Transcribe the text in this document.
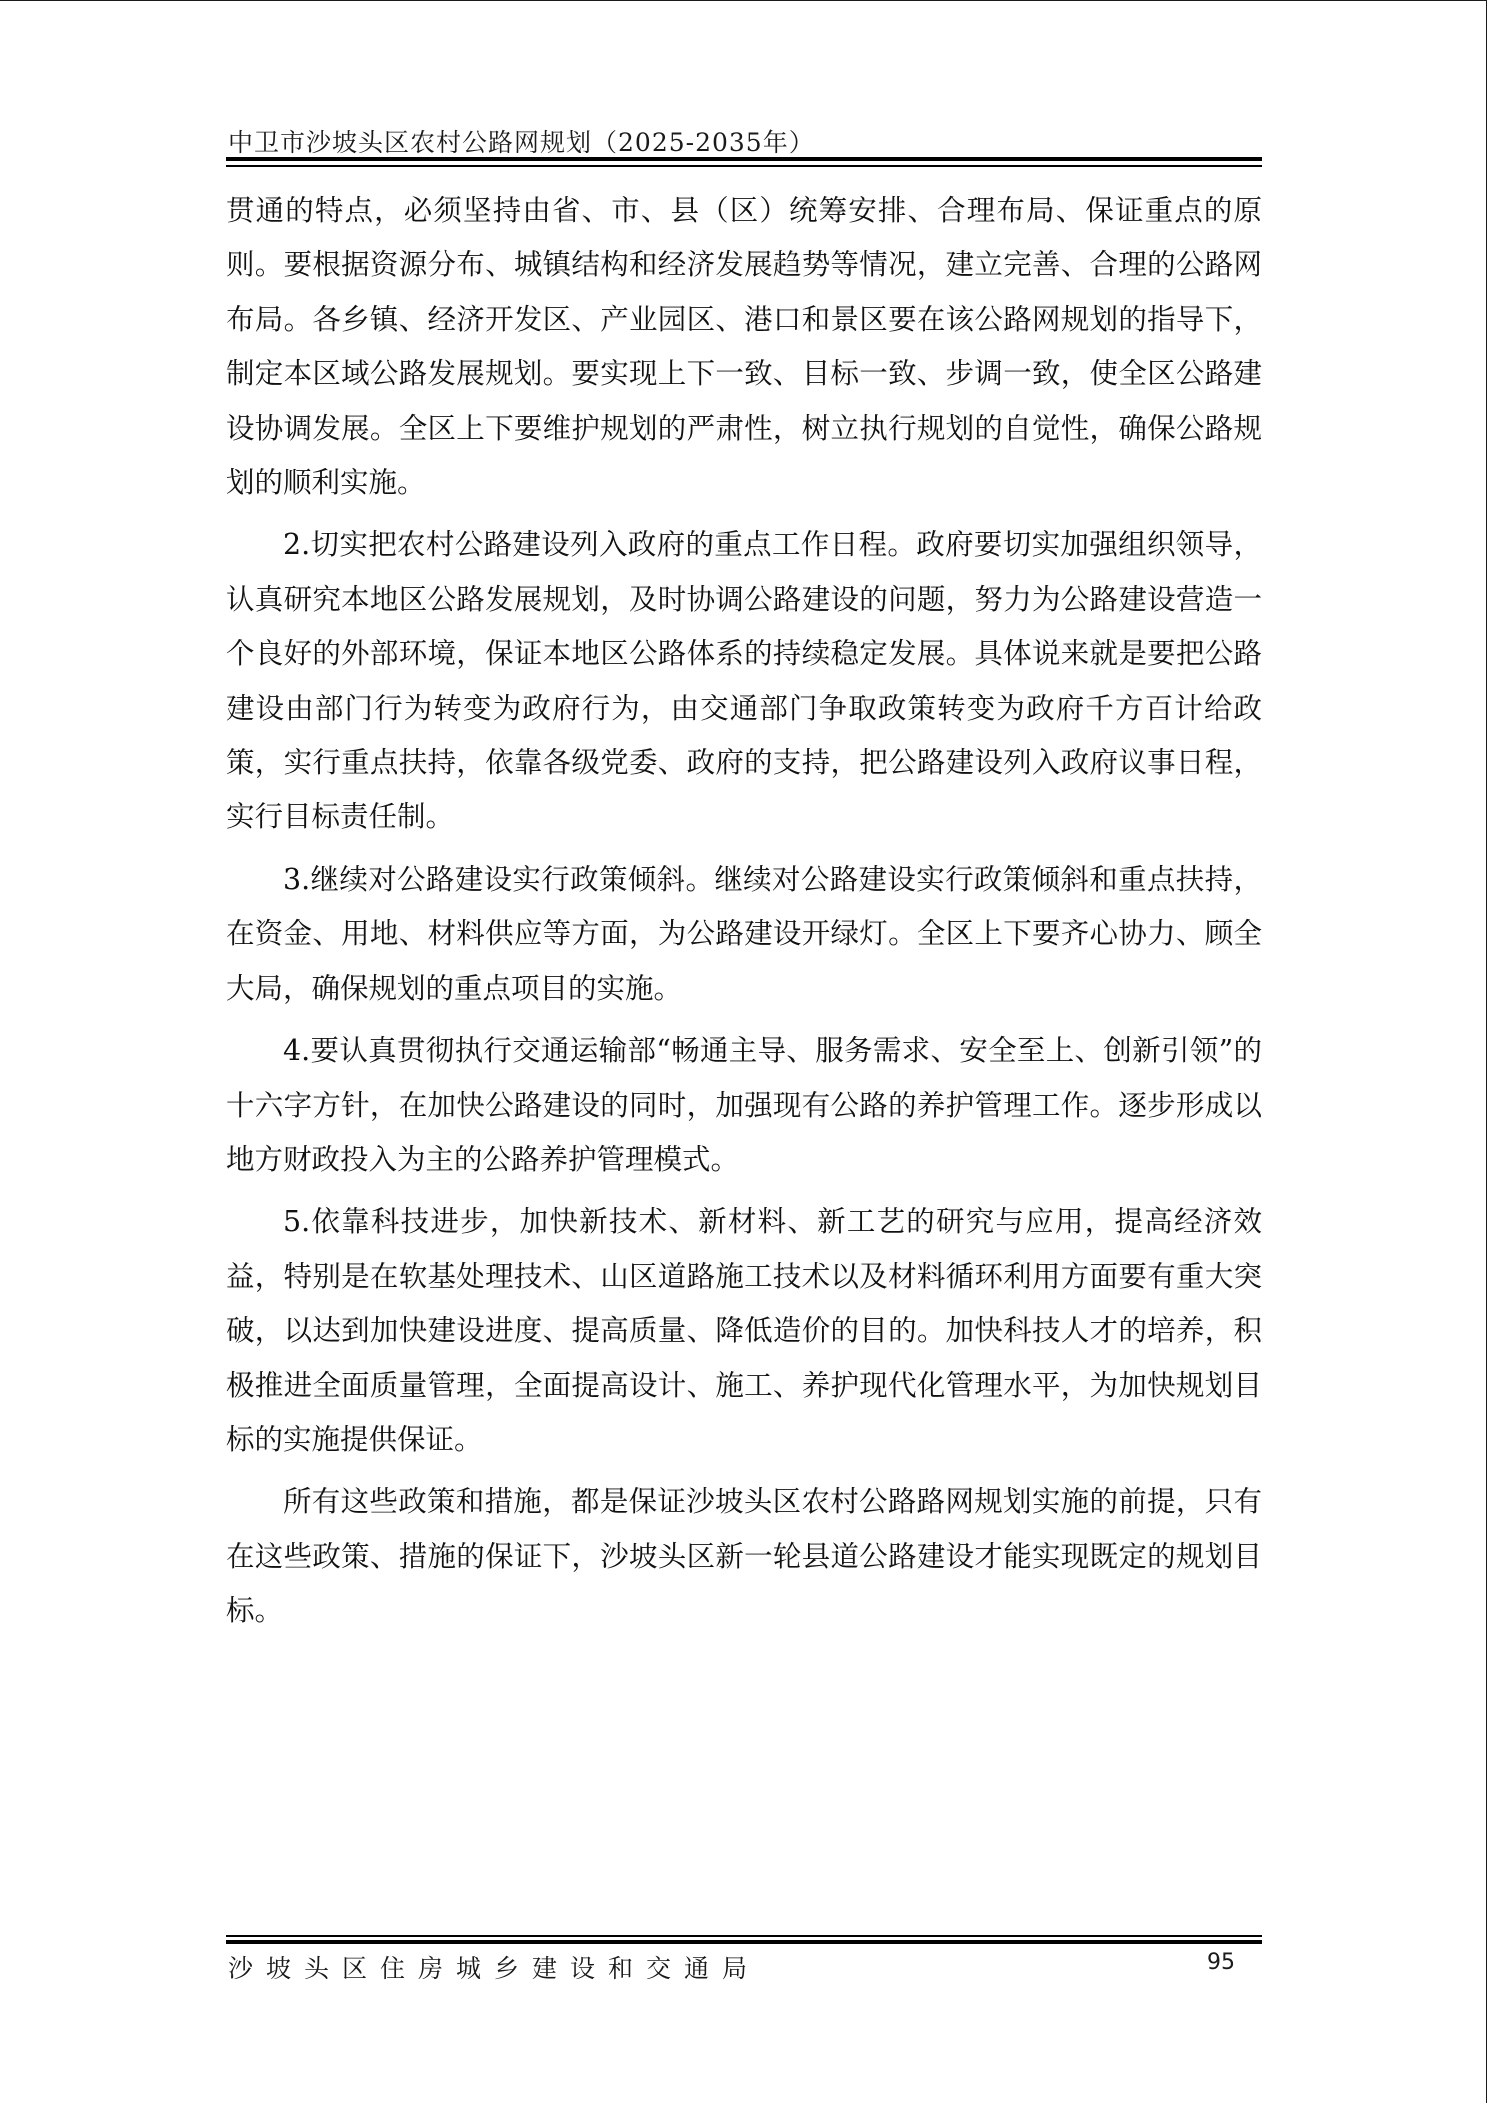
中卫市沙坡头区农村公路网规划（2025-2035年）

贯通的特点，必须坚持由省、市、县（区）统筹安排、合理布局、保证重点的原则。要根据资源分布、城镇结构和经济发展趋势等情况，建立完善、合理的公路网布局。各乡镇、经济开发区、产业园区、港口和景区要在该公路网规划的指导下，制定本区域公路发展规划。要实现上下一致、目标一致、步调一致，使全区公路建设协调发展。全区上下要维护规划的严肃性，树立执行规划的自觉性，确保公路规划的顺利实施。

2.切实把农村公路建设列入政府的重点工作日程。政府要切实加强组织领导，认真研究本地区公路发展规划，及时协调公路建设的问题，努力为公路建设营造一个良好的外部环境，保证本地区公路体系的持续稳定发展。具体说来就是要把公路建设由部门行为转变为政府行为，由交通部门争取政策转变为政府千方百计给政策，实行重点扶持，依靠各级党委、政府的支持，把公路建设列入政府议事日程，实行目标责任制。

3.继续对公路建设实行政策倾斜。继续对公路建设实行政策倾斜和重点扶持，在资金、用地、材料供应等方面，为公路建设开绿灯。全区上下要齐心协力、顾全大局，确保规划的重点项目的实施。

4.要认真贯彻执行交通运输部“畅通主导、服务需求、安全至上、创新引领”的十六字方针，在加快公路建设的同时，加强现有公路的养护管理工作。逐步形成以地方财政投入为主的公路养护管理模式。

5.依靠科技进步，加快新技术、新材料、新工艺的研究与应用，提高经济效益，特别是在软基处理技术、山区道路施工技术以及材料循环利用方面要有重大突破，以达到加快建设进度、提高质量、降低造价的目的。加快科技人才的培养，积极推进全面质量管理，全面提高设计、施工、养护现代化管理水平，为加快规划目标的实施提供保证。

所有这些政策和措施，都是保证沙坡头区农村公路路网规划实施的前提，只有在这些政策、措施的保证下，沙坡头区新一轮县道公路建设才能实现既定的规划目标。

沙坡头区住房城乡建设和交通局	95
